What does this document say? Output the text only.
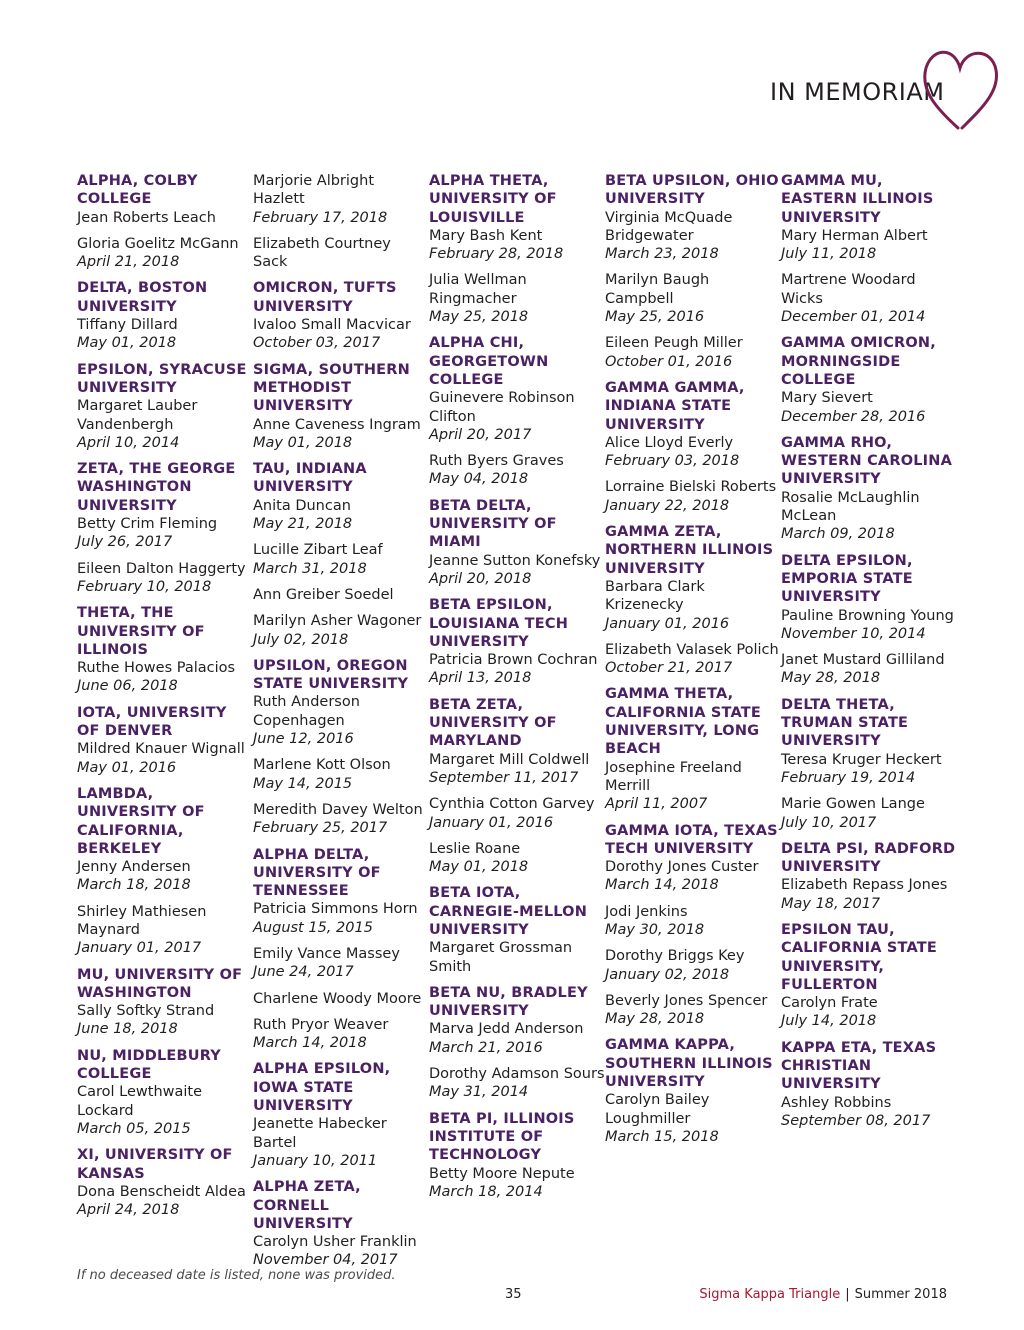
IN MEMORIAM
ALPHA, COLBY COLLEGE
Jean Roberts Leach
Gloria Goelitz McGann
April 21, 2018
DELTA, BOSTON UNIVERSITY
Tiffany Dillard
May 01, 2018
EPSILON, SYRACUSE UNIVERSITY
Margaret Lauber Vandenbergh
April 10, 2014
ZETA, THE GEORGE WASHINGTON UNIVERSITY
Betty Crim Fleming
July 26, 2017
Eileen Dalton Haggerty
February 10, 2018
THETA, THE UNIVERSITY OF ILLINOIS
Ruthe Howes Palacios
June 06, 2018
IOTA, UNIVERSITY OF DENVER
Mildred Knauer Wignall
May 01, 2016
LAMBDA, UNIVERSITY OF CALIFORNIA, BERKELEY
Jenny Andersen
March 18, 2018
Shirley Mathiesen Maynard
January 01, 2017
MU, UNIVERSITY OF WASHINGTON
Sally Softky Strand
June 18, 2018
NU, MIDDLEBURY COLLEGE
Carol Lewthwaite Lockard
March 05, 2015
XI, UNIVERSITY OF KANSAS
Dona Benscheidt Aldea
April 24, 2018
Marjorie Albright Hazlett
February 17, 2018
Elizabeth Courtney Sack
OMICRON, TUFTS UNIVERSITY
Ivaloo Small Macvicar
October 03, 2017
SIGMA, SOUTHERN METHODIST UNIVERSITY
Anne Caveness Ingram
May 01, 2018
TAU, INDIANA UNIVERSITY
Anita Duncan
May 21, 2018
Lucille Zibart Leaf
March 31, 2018
Ann Greiber Soedel
Marilyn Asher Wagoner
July 02, 2018
UPSILON, OREGON STATE UNIVERSITY
Ruth Anderson Copenhagen
June 12, 2016
Marlene Kott Olson
May 14, 2015
Meredith Davey Welton
February 25, 2017
ALPHA DELTA, UNIVERSITY OF TENNESSEE
Patricia Simmons Horn
August 15, 2015
Emily Vance Massey
June 24, 2017
Charlene Woody Moore
Ruth Pryor Weaver
March 14, 2018
ALPHA EPSILON, IOWA STATE UNIVERSITY
Jeanette Habecker Bartel
January 10, 2011
ALPHA ZETA, CORNELL UNIVERSITY
Carolyn Usher Franklin
November 04, 2017
ALPHA THETA, UNIVERSITY OF LOUISVILLE
Mary Bash Kent
February 28, 2018
Julia Wellman Ringmacher
May 25, 2018
ALPHA CHI, GEORGETOWN COLLEGE
Guinevere Robinson Clifton
April 20, 2017
Ruth Byers Graves
May 04, 2018
BETA DELTA, UNIVERSITY OF MIAMI
Jeanne Sutton Konefsky
April 20, 2018
BETA EPSILON, LOUISIANA TECH UNIVERSITY
Patricia Brown Cochran
April 13, 2018
BETA ZETA, UNIVERSITY OF MARYLAND
Margaret Mill Coldwell
September 11, 2017
Cynthia Cotton Garvey
January 01, 2016
Leslie Roane
May 01, 2018
BETA IOTA, CARNEGIE-MELLON UNIVERSITY
Margaret Grossman Smith
BETA NU, BRADLEY UNIVERSITY
Marva Jedd Anderson
March 21, 2016
Dorothy Adamson Sours
May 31, 2014
BETA PI, ILLINOIS INSTITUTE OF TECHNOLOGY
Betty Moore Nepute
March 18, 2014
BETA UPSILON, OHIO UNIVERSITY
Virginia McQuade Bridgewater
March 23, 2018
Marilyn Baugh Campbell
May 25, 2016
Eileen Peugh Miller
October 01, 2016
GAMMA GAMMA, INDIANA STATE UNIVERSITY
Alice Lloyd Everly
February 03, 2018
Lorraine Bielski Roberts
January 22, 2018
GAMMA ZETA, NORTHERN ILLINOIS UNIVERSITY
Barbara Clark Krizenecky
January 01, 2016
Elizabeth Valasek Polich
October 21, 2017
GAMMA THETA, CALIFORNIA STATE UNIVERSITY, LONG BEACH
Josephine Freeland Merrill
April 11, 2007
GAMMA IOTA, TEXAS TECH UNIVERSITY
Dorothy Jones Custer
March 14, 2018
Jodi Jenkins
May 30, 2018
Dorothy Briggs Key
January 02, 2018
Beverly Jones Spencer
May 28, 2018
GAMMA KAPPA, SOUTHERN ILLINOIS UNIVERSITY
Carolyn Bailey Loughmiller
March 15, 2018
GAMMA MU, EASTERN ILLINOIS UNIVERSITY
Mary Herman Albert
July 11, 2018
Martrene Woodard Wicks
December 01, 2014
GAMMA OMICRON, MORNINGSIDE COLLEGE
Mary Sievert
December 28, 2016
GAMMA RHO, WESTERN CAROLINA UNIVERSITY
Rosalie McLaughlin McLean
March 09, 2018
DELTA EPSILON, EMPORIA STATE UNIVERSITY
Pauline Browning Young
November 10, 2014
Janet Mustard Gilliland
May 28, 2018
DELTA THETA, TRUMAN STATE UNIVERSITY
Teresa Kruger Heckert
February 19, 2014
Marie Gowen Lange
July 10, 2017
DELTA PSI, RADFORD UNIVERSITY
Elizabeth Repass Jones
May 18, 2017
EPSILON TAU, CALIFORNIA STATE UNIVERSITY, FULLERTON
Carolyn Frate
July 14, 2018
KAPPA ETA, TEXAS CHRISTIAN UNIVERSITY
Ashley Robbins
September 08, 2017
If no deceased date is listed, none was provided.
35	Sigma Kappa Triangle | Summer 2018
